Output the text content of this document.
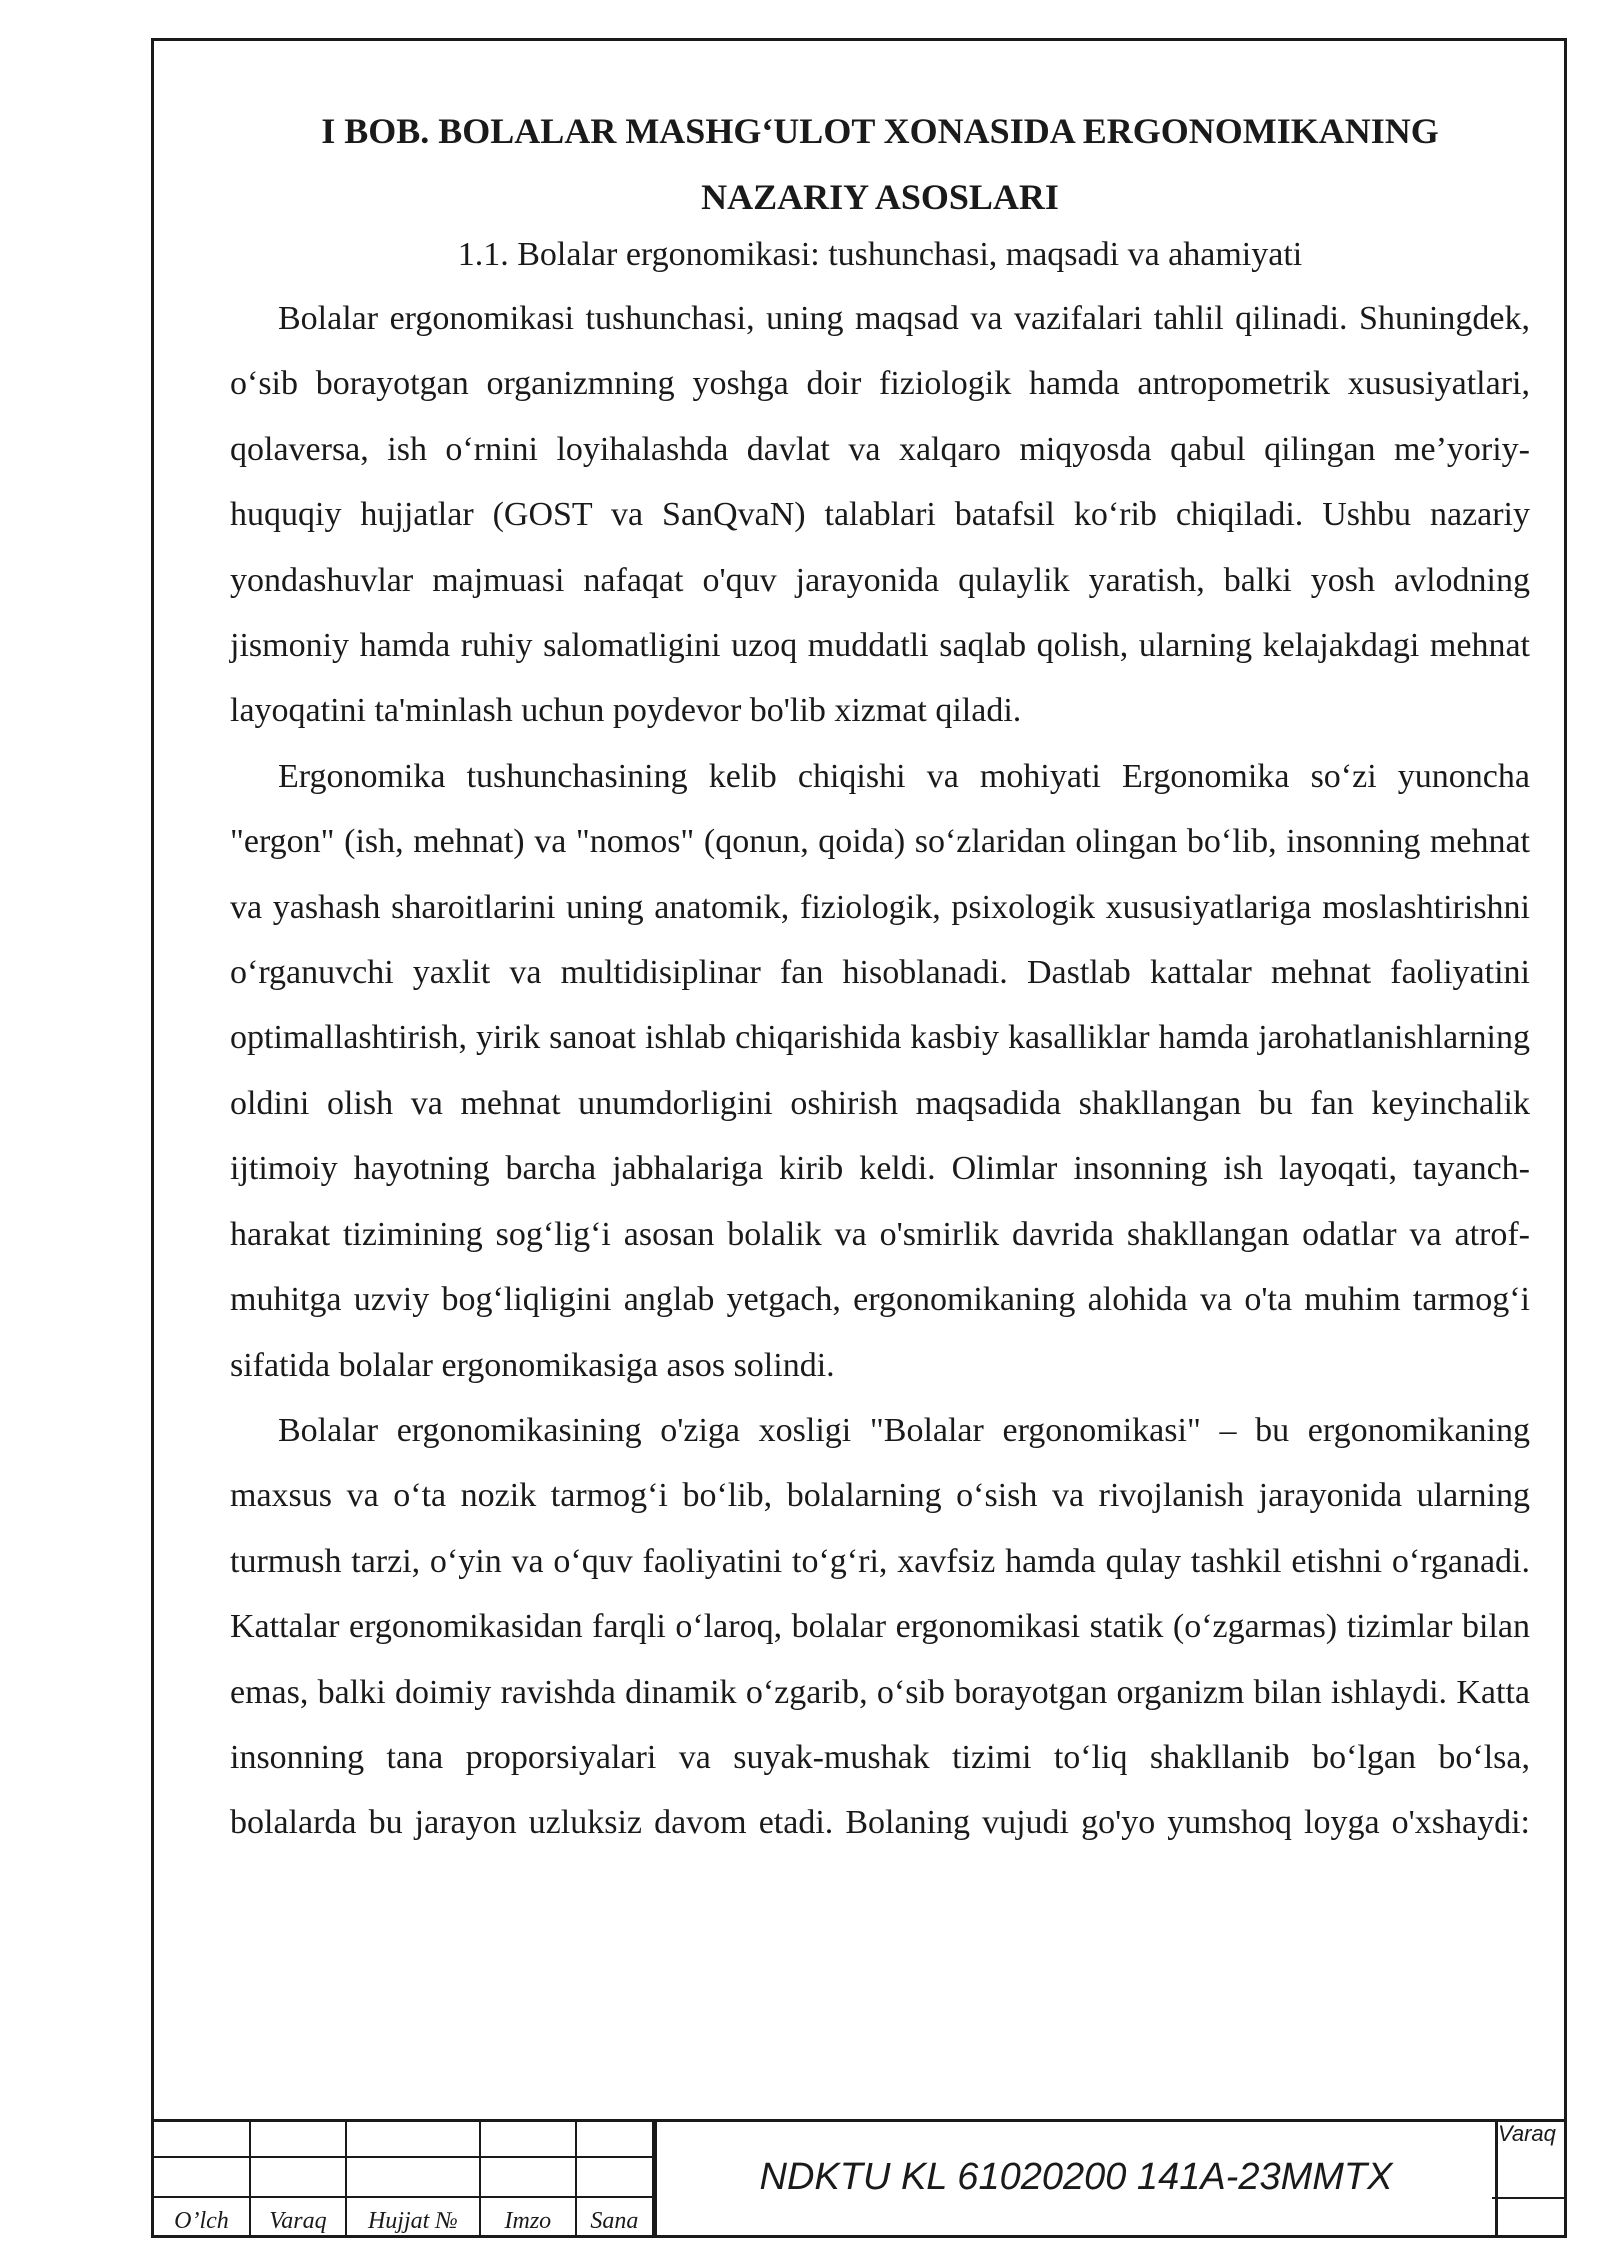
I BOB. BOLALAR MASHG‘ULOT XONASIDA ERGONOMIKANING

NAZARIY ASOSLARI

1.1. Bolalar ergonomikasi: tushunchasi, maqsadi va ahamiyati

Bolalar ergonomikasi tushunchasi, uning maqsad va vazifalari tahlil qilinadi. Shuningdek, o‘sib borayotgan organizmning yoshga doir fiziologik hamda antropometrik xususiyatlari, qolaversa, ish o‘rnini loyihalashda davlat va xalqaro miqyosda qabul qilingan me’yoriy-huquqiy hujjatlar (GOST va SanQvaN) talablari batafsil ko‘rib chiqiladi. Ushbu nazariy yondashuvlar majmuasi nafaqat o'quv jarayonida qulaylik yaratish, balki yosh avlodning jismoniy hamda ruhiy salomatligini uzoq muddatli saqlab qolish, ularning kelajakdagi mehnat layoqatini ta'minlash uchun poydevor bo'lib xizmat qiladi.

Ergonomika tushunchasining kelib chiqishi va mohiyati Ergonomika so‘zi yunoncha "ergon" (ish, mehnat) va "nomos" (qonun, qoida) so‘zlaridan olingan bo‘lib, insonning mehnat va yashash sharoitlarini uning anatomik, fiziologik, psixologik xususiyatlariga moslashtirishni o‘rganuvchi yaxlit va multidisiplinar fan hisoblanadi. Dastlab kattalar mehnat faoliyatini optimallashtirish, yirik sanoat ishlab chiqarishida kasbiy kasalliklar hamda jarohatlanishlarning oldini olish va mehnat unumdorligini oshirish maqsadida shakllangan bu fan keyinchalik ijtimoiy hayotning barcha jabhalariga kirib keldi. Olimlar insonning ish layoqati, tayanch-harakat tizimining sog‘lig‘i asosan bolalik va o'smirlik davrida shakllangan odatlar va atrof-muhitga uzviy bog‘liqligini anglab yetgach, ergonomikaning alohida va o'ta muhim tarmog‘i sifatida bolalar ergonomikasiga asos solindi.

Bolalar ergonomikasining o'ziga xosligi "Bolalar ergonomikasi" – bu ergonomikaning maxsus va o‘ta nozik tarmog‘i bo‘lib, bolalarning o‘sish va rivojlanish jarayonida ularning turmush tarzi, o‘yin va o‘quv faoliyatini to‘g‘ri, xavfsiz hamda qulay tashkil etishni o‘rganadi. Kattalar ergonomikasidan farqli o‘laroq, bolalar ergonomikasi statik (o‘zgarmas) tizimlar bilan emas, balki doimiy ravishda dinamik o‘zgarib, o‘sib borayotgan organizm bilan ishlaydi. Katta insonning tana proporsiyalari va suyak-mushak tizimi to‘liq shakllanib bo‘lgan bo‘lsa, bolalarda bu jarayon uzluksiz davom etadi. Bolaning vujudi go'yo yumshoq loyga o'xshaydi:

O’lch	Varaq	Hujjat №	Imzo	Sana
NDKTU KL 61020200 141A-23MMTX
Varaq
